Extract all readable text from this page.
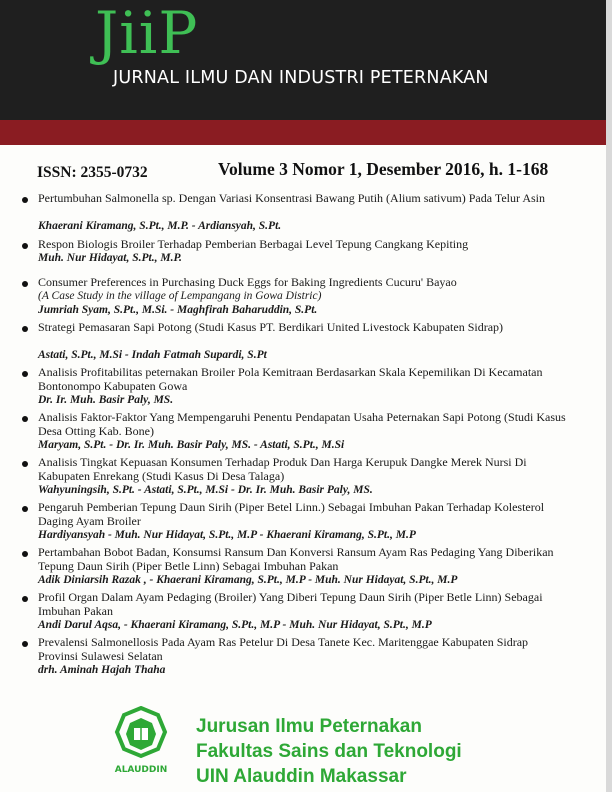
JiiP
JURNAL ILMU DAN INDUSTRI PETERNAKAN
ISSN: 2355-0732	Volume 3 Nomor 1, Desember 2016, h. 1-168
Pertumbuhan Salmonella sp. Dengan Variasi Konsentrasi Bawang Putih (Alium sativum) Pada Telur Asin
Khaerani Kiramang, S.Pt., M.P. - Ardiansyah, S.Pt.
Respon Biologis Broiler Terhadap Pemberian Berbagai Level Tepung Cangkang Kepiting
Muh. Nur Hidayat, S.Pt., M.P.
Consumer Preferences in Purchasing Duck Eggs for Baking Ingredients Cucuru' Bayao
(A Case Study in the village of Lempangang in Gowa Distric)
Jumriah Syam, S.Pt., M.Si. - Maghfirah Baharuddin, S.Pt.
Strategi Pemasaran Sapi Potong (Studi Kasus PT. Berdikari United Livestock Kabupaten Sidrap)
Astati, S.Pt., M.Si - Indah Fatmah Supardi, S.Pt
Analisis Profitabilitas peternakan Broiler Pola Kemitraan Berdasarkan Skala Kepemilikan Di Kecamatan Bontonompo Kabupaten Gowa
Dr. Ir. Muh. Basir Paly, MS.
Analisis Faktor-Faktor Yang Mempengaruhi Penentu Pendapatan Usaha Peternakan Sapi Potong (Studi Kasus Desa Otting Kab. Bone)
Maryam, S.Pt. - Dr. Ir. Muh. Basir Paly, MS. - Astati, S.Pt., M.Si
Analisis Tingkat Kepuasan Konsumen Terhadap Produk Dan Harga Kerupuk Dangke Merek Nursi Di Kabupaten Enrekang (Studi Kasus Di Desa Talaga)
Wahyuningsih, S.Pt. - Astati, S.Pt., M.Si - Dr. Ir. Muh. Basir Paly, MS.
Pengaruh Pemberian Tepung Daun Sirih (Piper Betel Linn.) Sebagai Imbuhan Pakan Terhadap Kolesterol Daging Ayam Broiler
Hardiyansyah - Muh. Nur Hidayat, S.Pt., M.P - Khaerani Kiramang, S.Pt., M.P
Pertambahan Bobot Badan, Konsumsi Ransum Dan Konversi Ransum Ayam Ras Pedaging Yang Diberikan Tepung Daun Sirih (Piper Betle Linn) Sebagai Imbuhan Pakan
Adik Diniarsih Razak , - Khaerani Kiramang, S.Pt., M.P - Muh. Nur Hidayat, S.Pt., M.P
Profil Organ Dalam Ayam Pedaging (Broiler) Yang Diberi Tepung Daun Sirih (Piper Betle Linn) Sebagai Imbuhan Pakan
Andi Darul Aqsa, - Khaerani Kiramang, S.Pt., M.P - Muh. Nur Hidayat, S.Pt., M.P
Prevalensi Salmonellosis Pada Ayam Ras Petelur Di Desa Tanete Kec. Maritenggae Kabupaten Sidrap Provinsi Sulawesi Selatan
drh. Aminah Hajah Thaha
ALAUDDIN
Jurusan Ilmu Peternakan
Fakultas Sains dan Teknologi
UIN Alauddin Makassar
